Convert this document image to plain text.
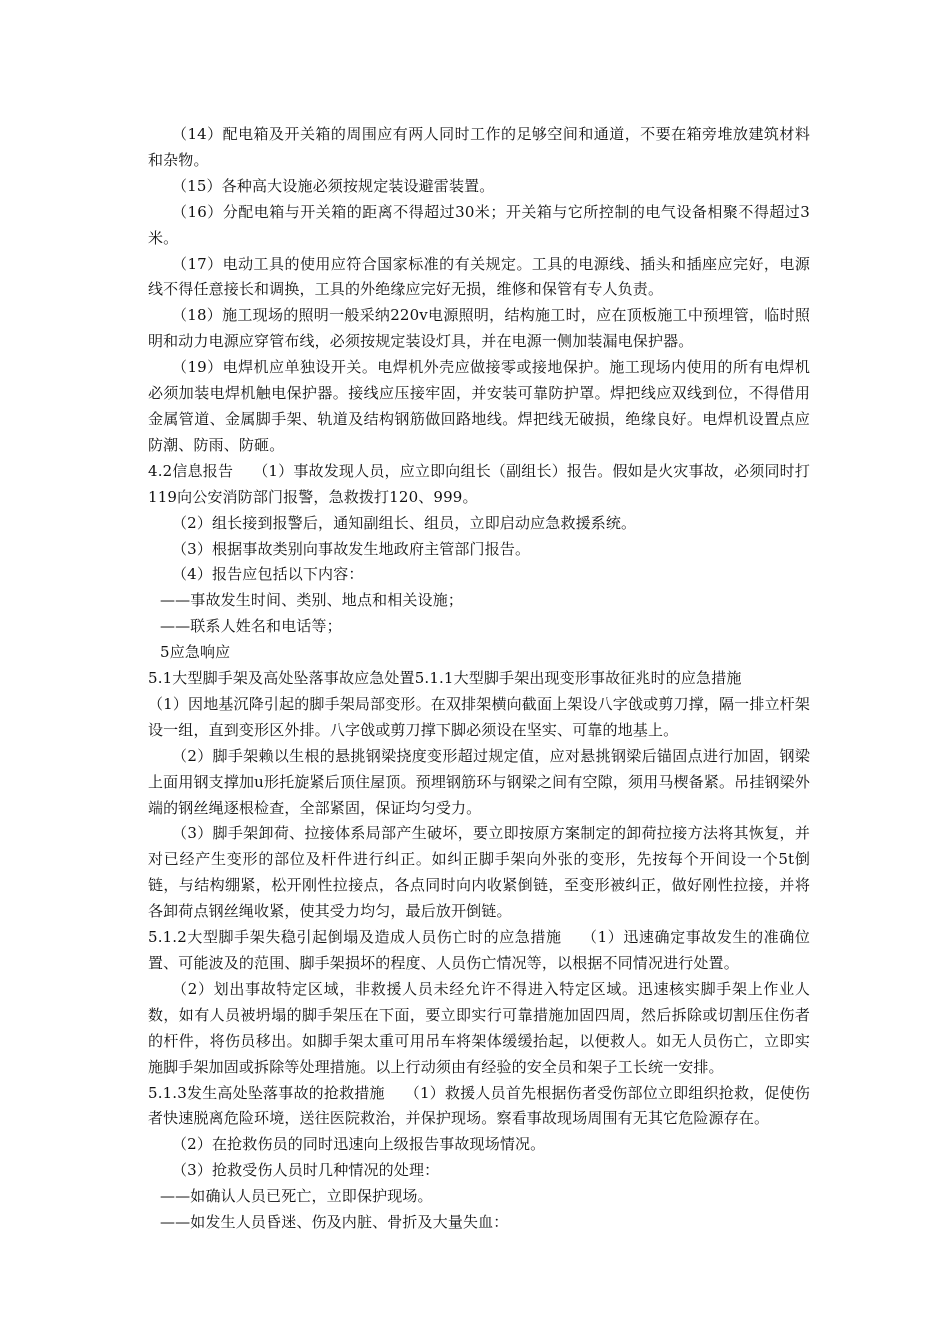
（14）配电箱及开关箱的周围应有两人同时工作的足够空间和通道，不要在箱旁堆放建筑材料和杂物。

（15）各种高大设施必须按规定装设避雷装置。

（16）分配电箱与开关箱的距离不得超过30米；开关箱与它所控制的电气设备相聚不得超过3米。

（17）电动工具的使用应符合国家标准的有关规定。工具的电源线、插头和插座应完好，电源线不得任意接长和调换，工具的外绝缘应完好无损，维修和保管有专人负责。

（18）施工现场的照明一般采纳220v电源照明，结构施工时，应在顶板施工中预埋管，临时照明和动力电源应穿管布线，必须按规定装设灯具，并在电源一侧加装漏电保护器。

（19）电焊机应单独设开关。电焊机外壳应做接零或接地保护。施工现场内使用的所有电焊机必须加装电焊机触电保护器。接线应压接牢固，并安装可靠防护罩。焊把线应双线到位，不得借用金属管道、金属脚手架、轨道及结构钢筋做回路地线。焊把线无破损，绝缘良好。电焊机设置点应防潮、防雨、防砸。

4.2信息报告 （1）事故发现人员，应立即向组长（副组长）报告。假如是火灾事故，必须同时打119向公安消防部门报警，急救拨打120、999。

（2）组长接到报警后，通知副组长、组员，立即启动应急救援系统。

（3）根据事故类别向事故发生地政府主管部门报告。

（4）报告应包括以下内容：

——事故发生时间、类别、地点和相关设施；

——联系人姓名和电话等；

5应急响应

5.1大型脚手架及高处坠落事故应急处置5.1.1大型脚手架出现变形事故征兆时的应急措施

（1）因地基沉降引起的脚手架局部变形。在双排架横向截面上架设八字戗或剪刀撑，隔一排立杆架设一组，直到变形区外排。八字戗或剪刀撑下脚必须设在坚实、可靠的地基上。

（2）脚手架赖以生根的悬挑钢梁挠度变形超过规定值，应对悬挑钢梁后锚固点进行加固，钢梁上面用钢支撑加u形托旋紧后顶住屋顶。预埋钢筋环与钢梁之间有空隙，须用马楔备紧。吊挂钢梁外端的钢丝绳逐根检查，全部紧固，保证均匀受力。

（3）脚手架卸荷、拉接体系局部产生破坏，要立即按原方案制定的卸荷拉接方法将其恢复，并对已经产生变形的部位及杆件进行纠正。如纠正脚手架向外张的变形，先按每个开间设一个5t倒链，与结构绷紧，松开刚性拉接点，各点同时向内收紧倒链，至变形被纠正，做好刚性拉接，并将各卸荷点钢丝绳收紧，使其受力均匀，最后放开倒链。

5.1.2大型脚手架失稳引起倒塌及造成人员伤亡时的应急措施 （1）迅速确定事故发生的准确位置、可能波及的范围、脚手架损坏的程度、人员伤亡情况等，以根据不同情况进行处置。

（2）划出事故特定区域，非救援人员未经允许不得进入特定区域。迅速核实脚手架上作业人数，如有人员被坍塌的脚手架压在下面，要立即实行可靠措施加固四周，然后拆除或切割压住伤者的杆件，将伤员移出。如脚手架太重可用吊车将架体缓缓抬起，以便救人。如无人员伤亡，立即实施脚手架加固或拆除等处理措施。以上行动须由有经验的安全员和架子工长统一安排。

5.1.3发生高处坠落事故的抢救措施 （1）救援人员首先根据伤者受伤部位立即组织抢救，促使伤者快速脱离危险环境，送往医院救治，并保护现场。察看事故现场周围有无其它危险源存在。

（2）在抢救伤员的同时迅速向上级报告事故现场情况。

（3）抢救受伤人员时几种情况的处理：

——如确认人员已死亡，立即保护现场。

——如发生人员昏迷、伤及内脏、骨折及大量失血：
